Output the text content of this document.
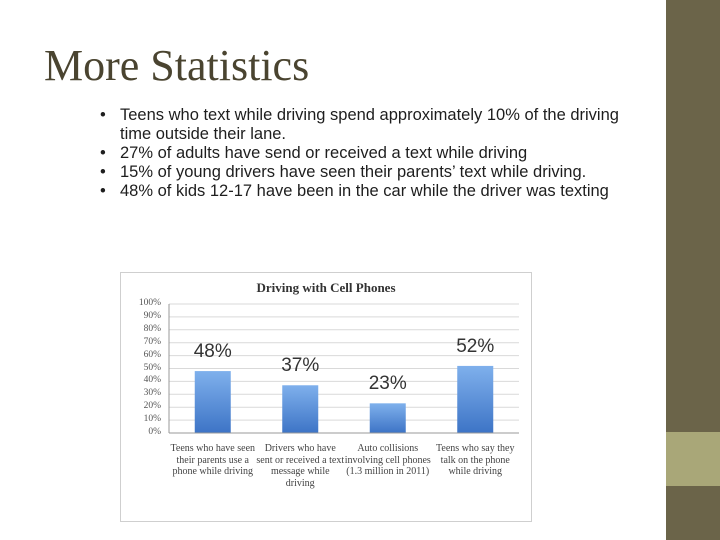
More Statistics
• Teens who text while driving spend approximately 10% of the driving time outside their lane.
• 27% of adults have send or received a text while driving
• 15% of young drivers have seen their parents’ text while driving.
• 48% of kids 12-17 have been in the car while the driver was texting
Driving with Cell Phones
100%
90%
80%
70%
60%
50%
40%
30%
20%
10%
0%
48%
Teens who have seen their parents use a phone while driving
37%
Drivers who have sent or received a text message while driving
23%
Auto collisions involving cell phones (1.3 million in 2011)
52%
Teens who say they talk on the phone while driving
